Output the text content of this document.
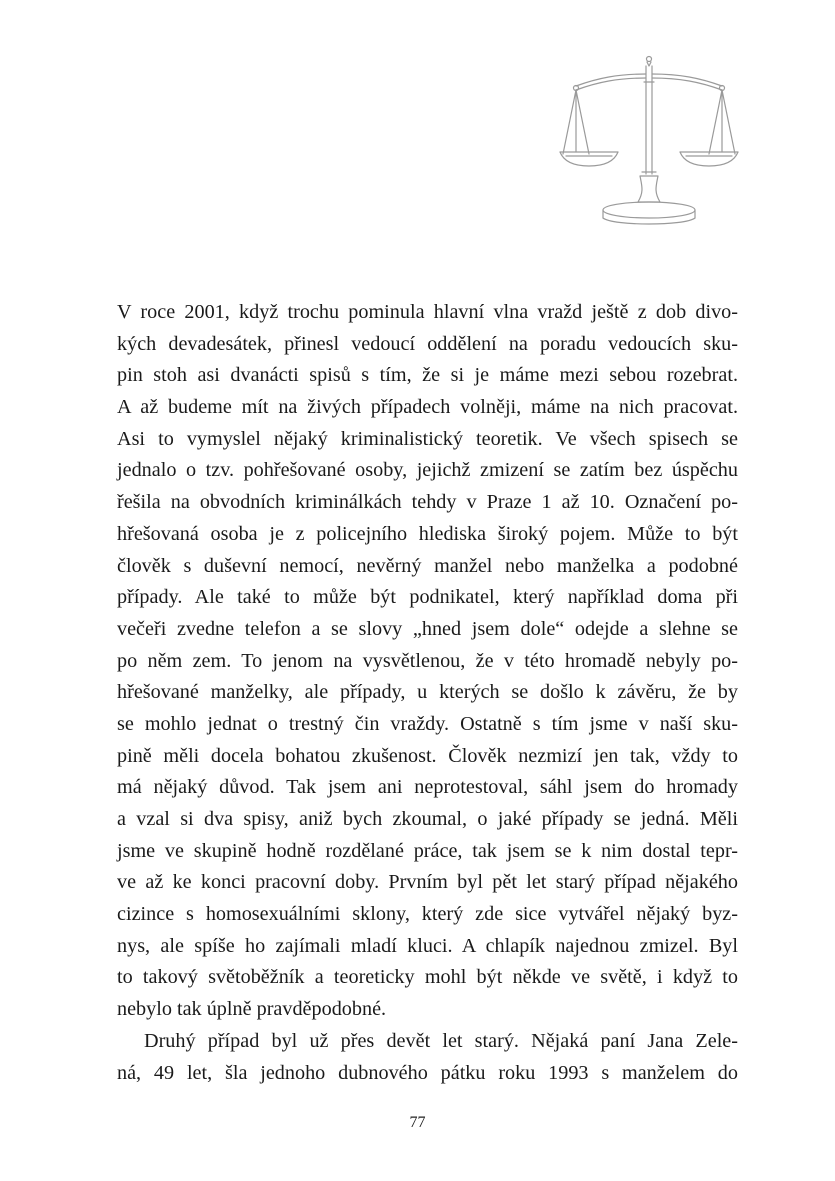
V roce 2001, když trochu pominula hlavní vlna vražd ještě z dob divo-
kých devadesátek, přinesl vedoucí oddělení na poradu vedoucích sku-
pin stoh asi dvanácti spisů s tím, že si je máme mezi sebou rozebrat.
A až budeme mít na živých případech volněji, máme na nich pracovat.
Asi to vymyslel nějaký kriminalistický teoretik. Ve všech spisech se
jednalo o tzv. pohřešované osoby, jejichž zmizení se zatím bez úspěchu
řešila na obvodních kriminálkách tehdy v Praze 1 až 10. Označení po-
hřešovaná osoba je z policejního hlediska široký pojem. Může to být
člověk s duševní nemocí, nevěrný manžel nebo manželka a podobné
případy. Ale také to může být podnikatel, který například doma při
večeři zvedne telefon a se slovy „hned jsem dole“ odejde a slehne se
po něm zem. To jenom na vysvětlenou, že v této hromadě nebyly po-
hřešované manželky, ale případy, u kterých se došlo k závěru, že by
se mohlo jednat o trestný čin vraždy. Ostatně s tím jsme v naší sku-
pině měli docela bohatou zkušenost. Člověk nezmizí jen tak, vždy to
má nějaký důvod. Tak jsem ani neprotestoval, sáhl jsem do hromady
a vzal si dva spisy, aniž bych zkoumal, o jaké případy se jedná. Měli
jsme ve skupině hodně rozdělané práce, tak jsem se k nim dostal tepr-
ve až ke konci pracovní doby. Prvním byl pět let starý případ nějakého
cizince s homosexuálními sklony, který zde sice vytvářel nějaký byz-
nys, ale spíše ho zajímali mladí kluci. A chlapík najednou zmizel. Byl
to takový světoběžník a teoreticky mohl být někde ve světě, i když to
nebylo tak úplně pravděpodobné.
Druhý případ byl už přes devět let starý. Nějaká paní Jana Zele-
ná, 49 let, šla jednoho dubnového pátku roku 1993 s manželem do
77
